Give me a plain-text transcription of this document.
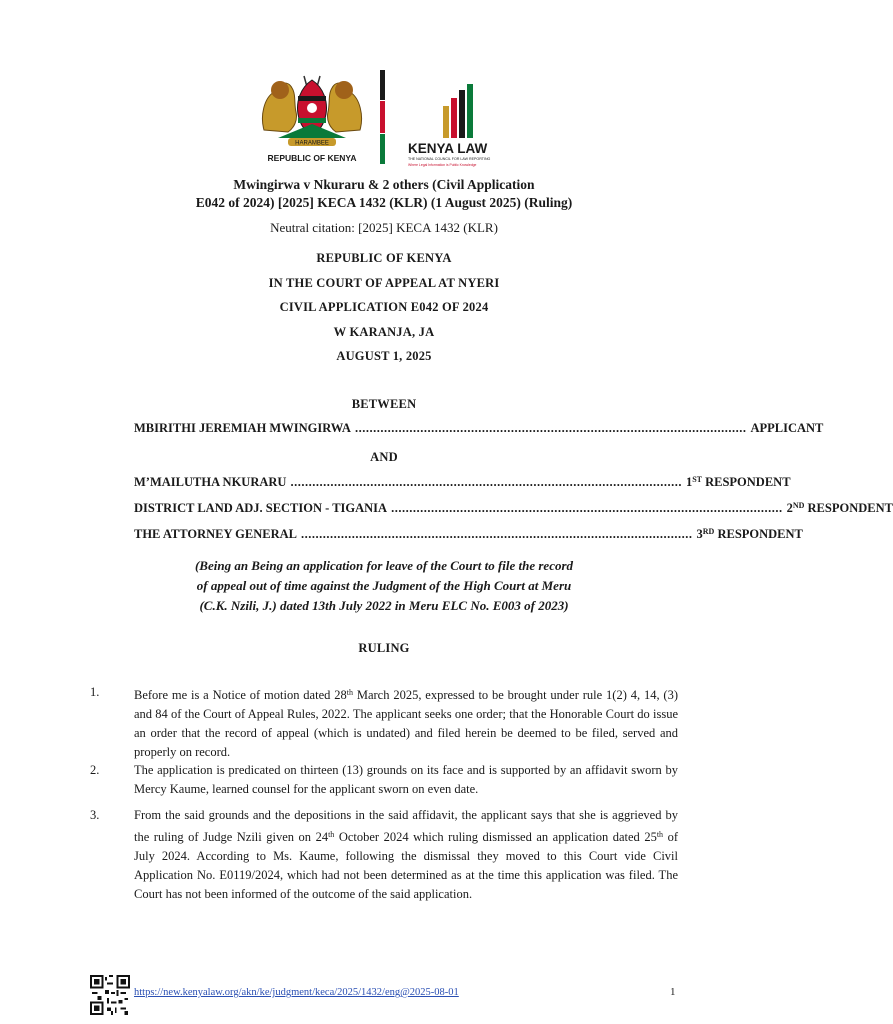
HARAMBEE
REPUBLIC OF KENYA
KENYA LAW
THE NATIONAL COUNCIL FOR LAW REPORTING
Where Legal Information is Public Knowledge
Mwingirwa v Nkuraru & 2 others (Civil Application
E042 of 2024) [2025] KECA 1432 (KLR) (1 August 2025) (Ruling)
Neutral citation: [2025] KECA 1432 (KLR)
REPUBLIC OF KENYA
IN THE COURT OF APPEAL AT NYERI
CIVIL APPLICATION E042 OF 2024
W KARANJA, JA
AUGUST 1, 2025
BETWEEN
MBIRITHI JEREMIAH MWINGIRWA ............................................................................................................ APPLICANT
AND
M’MAILUTHA NKURARU ............................................................................................................ 1ST RESPONDENT
DISTRICT LAND ADJ. SECTION - TIGANIA ............................................................................................................ 2ND RESPONDENT
THE ATTORNEY GENERAL ............................................................................................................ 3RD RESPONDENT
(Being an Being an application for leave of the Court to file the record
of appeal out of time against the Judgment of the High Court at Meru
(C.K. Nzili, J.) dated 13th July 2022 in Meru ELC No. E003 of 2023)
RULING
1.	Before me is a Notice of motion dated 28th March 2025, expressed to be brought under rule 1(2) 4, 14, (3) and 84 of the Court of Appeal Rules, 2022. The applicant seeks one order; that the Honorable Court do issue an order that the record of appeal (which is undated) and filed herein be deemed to be filed, served and properly on record.
2.	The application is predicated on thirteen (13) grounds on its face and is supported by an affidavit sworn by Mercy Kaume, learned counsel for the applicant sworn on even date.
3.	From the said grounds and the depositions in the said affidavit, the applicant says that she is aggrieved by the ruling of Judge Nzili given on 24th October 2024 which ruling dismissed an application dated 25th of July 2024. According to Ms. Kaume, following the dismissal they moved to this Court vide Civil Application No. E0119/2024, which had not been determined as at the time this application was filed. The Court has not been informed of the outcome of the said application.
https://new.kenyalaw.org/akn/ke/judgment/keca/2025/1432/eng@2025-08-01	1
